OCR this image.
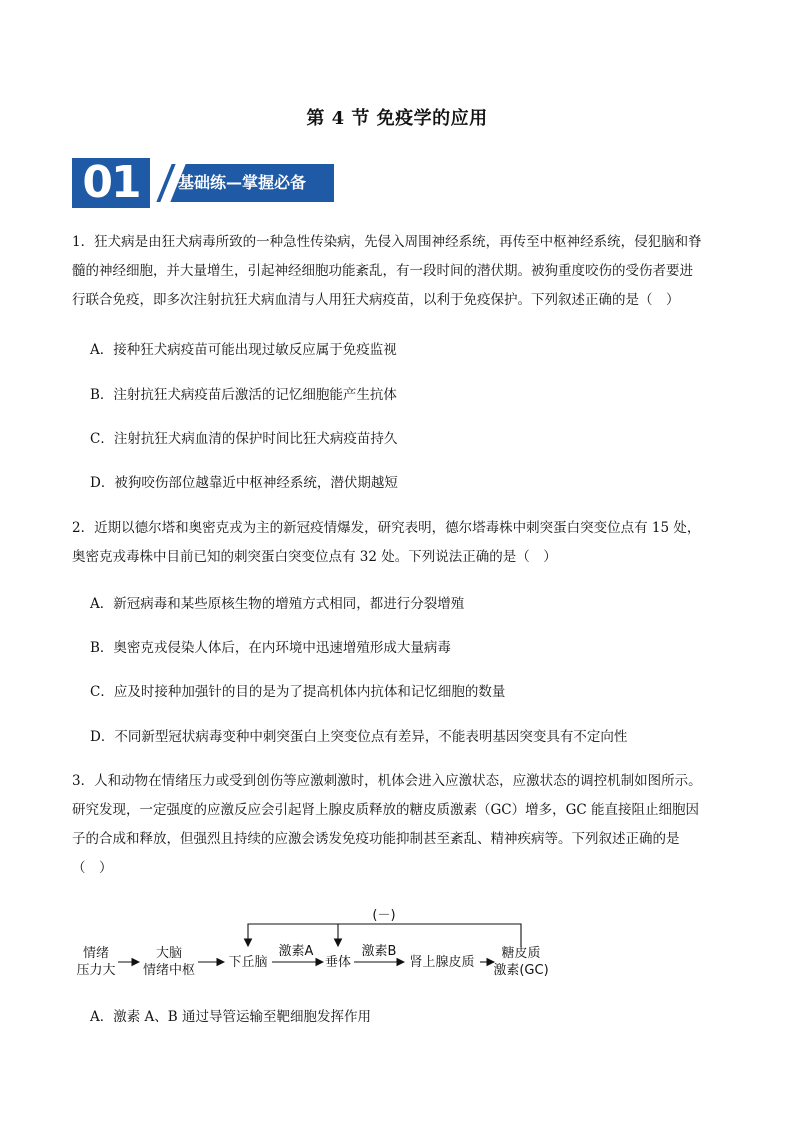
第 4 节 免疫学的应用
01	基础练—掌握必备
1．狂犬病是由狂犬病毒所致的一种急性传染病，先侵入周围神经系统，再传至中枢神经系统，侵犯脑和脊
髓的神经细胞，并大量增生，引起神经细胞功能紊乱，有一段时间的潜伏期。被狗重度咬伤的受伤者要进
行联合免疫，即多次注射抗狂犬病血清与人用狂犬病疫苗，以利于免疫保护。下列叙述正确的是（　）
A．接种狂犬病疫苗可能出现过敏反应属于免疫监视
B．注射抗狂犬病疫苗后激活的记忆细胞能产生抗体
C．注射抗狂犬病血清的保护时间比狂犬病疫苗持久
D．被狗咬伤部位越靠近中枢神经系统，潜伏期越短
2．近期以德尔塔和奥密克戎为主的新冠疫情爆发，研究表明，德尔塔毒株中刺突蛋白突变位点有 15 处，
奥密克戎毒株中目前已知的刺突蛋白突变位点有 32 处。下列说法正确的是（　）
A．新冠病毒和某些原核生物的增殖方式相同，都进行分裂增殖
B．奥密克戎侵染人体后，在内环境中迅速增殖形成大量病毒
C．应及时接种加强针的目的是为了提高机体内抗体和记忆细胞的数量
D．不同新型冠状病毒变种中刺突蛋白上突变位点有差异，不能表明基因突变具有不定向性
3．人和动物在情绪压力或受到创伤等应激刺激时，机体会进入应激状态，应激状态的调控机制如图所示。
研究发现，一定强度的应激反应会引起肾上腺皮质释放的糖皮质激素（GC）增多，GC 能直接阻止细胞因
子的合成和释放，但强烈且持续的应激会诱发免疫功能抑制甚至紊乱、精神疾病等。下列叙述正确的是
（　）
(－)
情绪
压力大
大脑
情绪中枢
下丘脑
激素A
垂体
激素B
肾上腺皮质
糖皮质
激素(GC)
A．激素 A、B 通过导管运输至靶细胞发挥作用
